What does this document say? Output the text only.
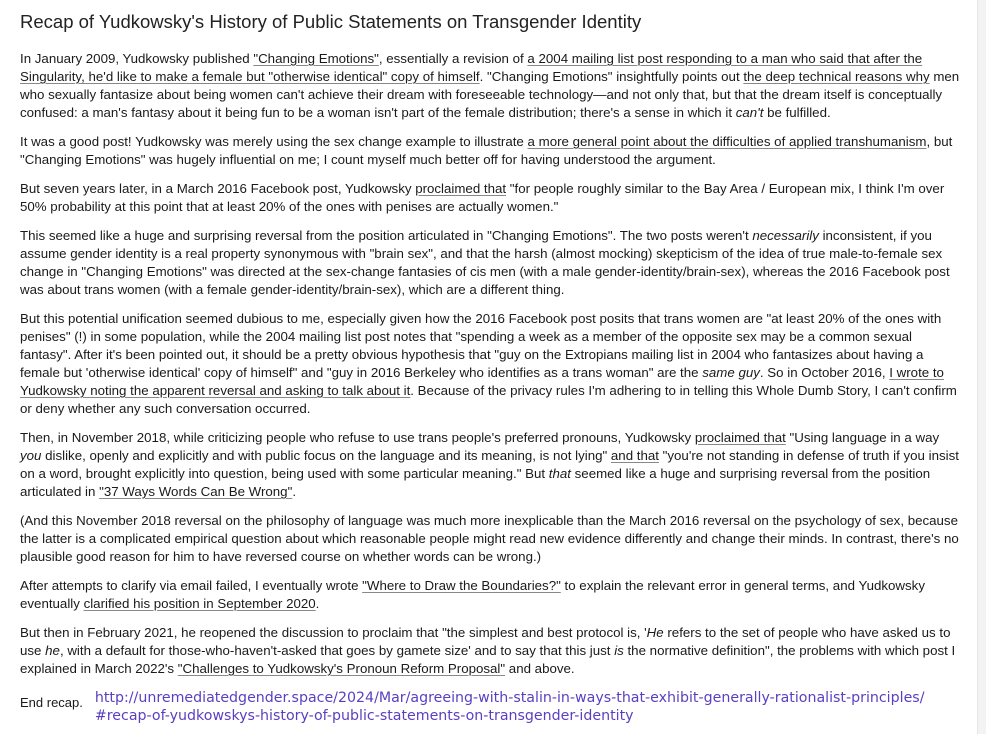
Recap of Yudkowsky's History of Public Statements on Transgender Identity

In January 2009, Yudkowsky published "Changing Emotions", essentially a revision of a 2004 mailing list post responding to a man who said that after the Singularity, he'd like to make a female but "otherwise identical" copy of himself. "Changing Emotions" insightfully points out the deep technical reasons why men who sexually fantasize about being women can't achieve their dream with foreseeable technology—and not only that, but that the dream itself is conceptually confused: a man's fantasy about it being fun to be a woman isn't part of the female distribution; there's a sense in which it can't be fulfilled.

It was a good post! Yudkowsky was merely using the sex change example to illustrate a more general point about the difficulties of applied transhumanism, but "Changing Emotions" was hugely influential on me; I count myself much better off for having understood the argument.

But seven years later, in a March 2016 Facebook post, Yudkowsky proclaimed that "for people roughly similar to the Bay Area / European mix, I think I'm over 50% probability at this point that at least 20% of the ones with penises are actually women."

This seemed like a huge and surprising reversal from the position articulated in "Changing Emotions". The two posts weren't necessarily inconsistent, if you assume gender identity is a real property synonymous with "brain sex", and that the harsh (almost mocking) skepticism of the idea of true male-to-female sex change in "Changing Emotions" was directed at the sex-change fantasies of cis men (with a male gender-identity/brain-sex), whereas the 2016 Facebook post was about trans women (with a female gender-identity/brain-sex), which are a different thing.

But this potential unification seemed dubious to me, especially given how the 2016 Facebook post posits that trans women are "at least 20% of the ones with penises" (!) in some population, while the 2004 mailing list post notes that "spending a week as a member of the opposite sex may be a common sexual fantasy". After it's been pointed out, it should be a pretty obvious hypothesis that "guy on the Extropians mailing list in 2004 who fantasizes about having a female but 'otherwise identical' copy of himself" and "guy in 2016 Berkeley who identifies as a trans woman" are the same guy. So in October 2016, I wrote to Yudkowsky noting the apparent reversal and asking to talk about it. Because of the privacy rules I'm adhering to in telling this Whole Dumb Story, I can't confirm or deny whether any such conversation occurred.

Then, in November 2018, while criticizing people who refuse to use trans people's preferred pronouns, Yudkowsky proclaimed that "Using language in a way you dislike, openly and explicitly and with public focus on the language and its meaning, is not lying" and that "you're not standing in defense of truth if you insist on a word, brought explicitly into question, being used with some particular meaning." But that seemed like a huge and surprising reversal from the position articulated in "37 Ways Words Can Be Wrong".

(And this November 2018 reversal on the philosophy of language was much more inexplicable than the March 2016 reversal on the psychology of sex, because the latter is a complicated empirical question about which reasonable people might read new evidence differently and change their minds. In contrast, there's no plausible good reason for him to have reversed course on whether words can be wrong.)

After attempts to clarify via email failed, I eventually wrote "Where to Draw the Boundaries?" to explain the relevant error in general terms, and Yudkowsky eventually clarified his position in September 2020.

But then in February 2021, he reopened the discussion to proclaim that "the simplest and best protocol is, 'He refers to the set of people who have asked us to use he, with a default for those-who-haven't-asked that goes by gamete size' and to say that this just is the normative definition", the problems with which post I explained in March 2022's "Challenges to Yudkowsky's Pronoun Reform Proposal" and above.

End recap. http://unremediatedgender.space/2024/Mar/agreeing-with-stalin-in-ways-that-exhibit-generally-rationalist-principles/#recap-of-yudkowskys-history-of-public-statements-on-transgender-identity
